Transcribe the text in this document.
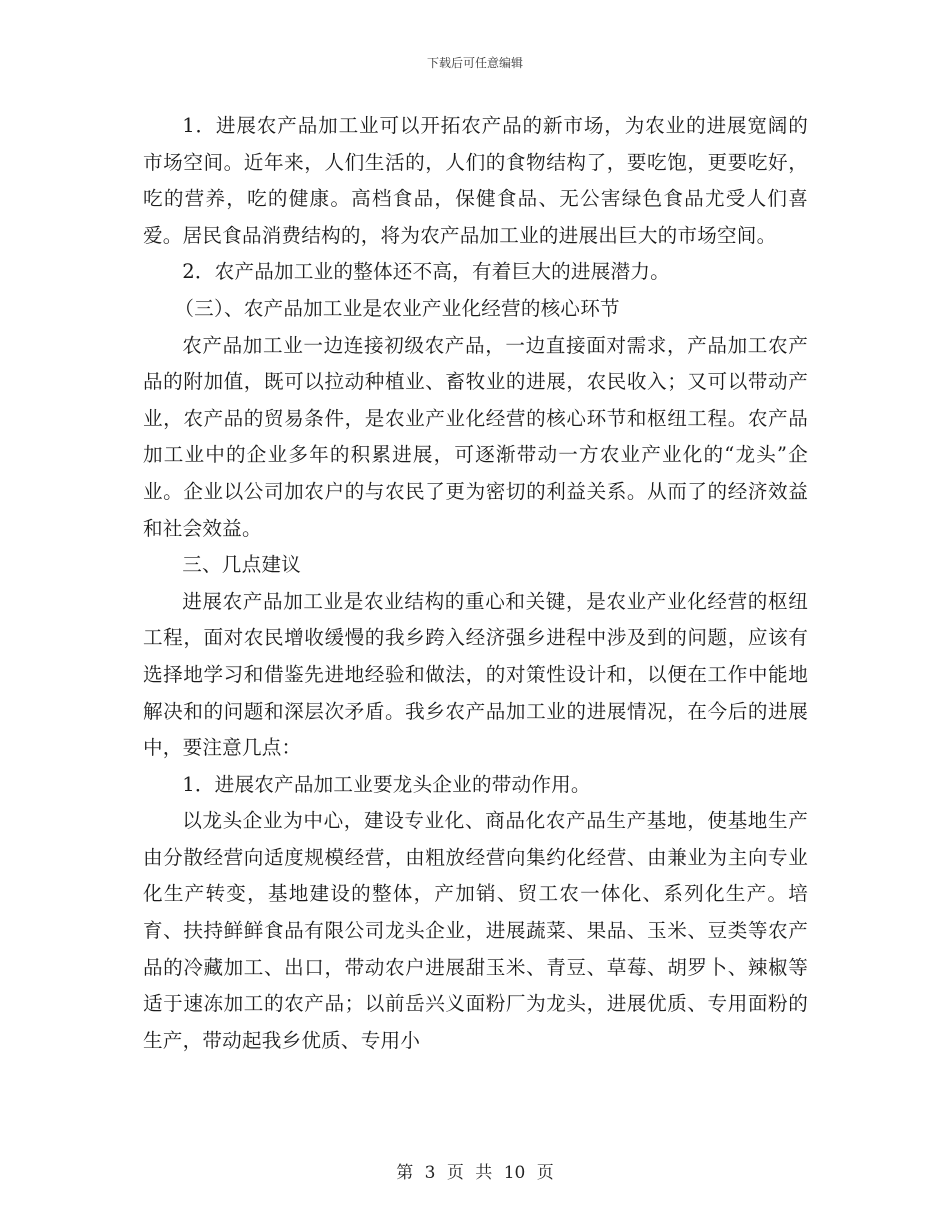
下载后可任意编辑

1．进展农产品加工业可以开拓农产品的新市场，为农业的进展宽阔的市场空间。近年来，人们生活的，人们的食物结构了，要吃饱，更要吃好，吃的营养，吃的健康。高档食品，保健食品、无公害绿色食品尤受人们喜爱。居民食品消费结构的，将为农产品加工业的进展出巨大的市场空间。

2．农产品加工业的整体还不高，有着巨大的进展潜力。

（三）、农产品加工业是农业产业化经营的核心环节

农产品加工业一边连接初级农产品，一边直接面对需求，产品加工农产品的附加值，既可以拉动种植业、畜牧业的进展，农民收入；又可以带动产业，农产品的贸易条件，是农业产业化经营的核心环节和枢纽工程。农产品加工业中的企业多年的积累进展，可逐渐带动一方农业产业化的“龙头”企业。企业以公司加农户的与农民了更为密切的利益关系。从而了的经济效益和社会效益。

三、几点建议

进展农产品加工业是农业结构的重心和关键，是农业产业化经营的枢纽工程，面对农民增收缓慢的我乡跨入经济强乡进程中涉及到的问题，应该有选择地学习和借鉴先进地经验和做法，的对策性设计和，以便在工作中能地解决和的问题和深层次矛盾。我乡农产品加工业的进展情况，在今后的进展中，要注意几点：

1．进展农产品加工业要龙头企业的带动作用。

以龙头企业为中心，建设专业化、商品化农产品生产基地，使基地生产由分散经营向适度规模经营，由粗放经营向集约化经营、由兼业为主向专业化生产转变，基地建设的整体，产加销、贸工农一体化、系列化生产。培育、扶持鲜鲜食品有限公司龙头企业，进展蔬菜、果品、玉米、豆类等农产品的冷藏加工、出口，带动农户进展甜玉米、青豆、草莓、胡罗卜、辣椒等适于速冻加工的农产品；以前岳兴义面粉厂为龙头，进展优质、专用面粉的生产，带动起我乡优质、专用小

第 3 页 共 10 页
